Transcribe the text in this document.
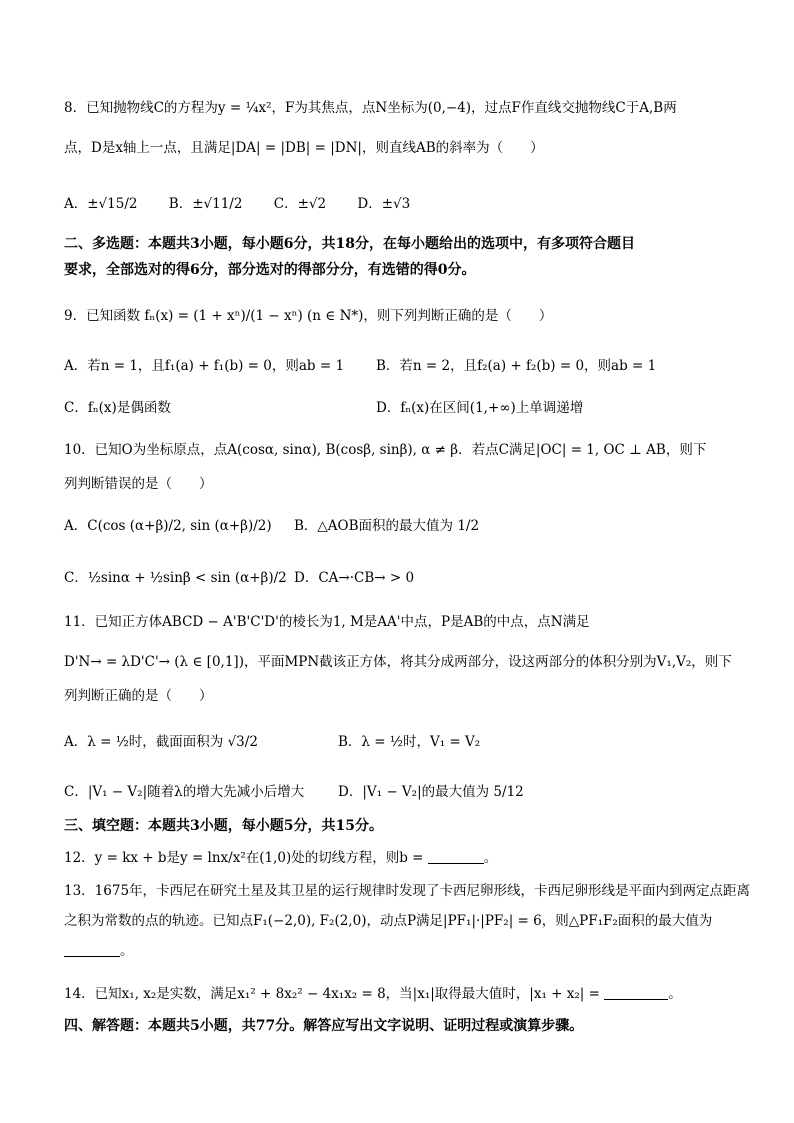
8．已知抛物线C的方程为y = ¼x²，F为其焦点，点N坐标为(0,−4)，过点F作直线交抛物线C于A,B两
点，D是x轴上一点，且满足|DA| = |DB| = |DN|，则直线AB的斜率为（　　）
A．±√15/2   B．±√11/2   C．±√2   D．±√3
二、多选题：本题共3小题，每小题6分，共18分，在每小题给出的选项中，有多项符合题目
要求，全部选对的得6分，部分选对的得部分分，有选错的得0分。
9．已知函数 fₙ(x) = (1 + xⁿ)/(1 − xⁿ) (n ∈ N*)，则下列判断正确的是（　　）
A．若n = 1，且f₁(a) + f₁(b) = 0，则ab = 1 B．若n = 2，且f₂(a) + f₂(b) = 0，则ab = 1
C．fₙ(x)是偶函数	D．fₙ(x)在区间(1,+∞)上单调递增
10．已知O为坐标原点，点A(cosα, sinα), B(cosβ, sinβ), α ≠ β．若点C满足|OC| = 1, OC ⊥ AB，则下
列判断错误的是（　　）
A．C(cos (α+β)/2, sin (α+β)/2) B．△AOB面积的最大值为 1/2
C．½sinα + ½sinβ < sin (α+β)/2 D．CA→·CB→ > 0
11．已知正方体ABCD − A'B'C'D'的棱长为1, M是AA'中点，P是AB的中点，点N满足
D'N→ = λD'C'→ (λ ∈ [0,1])，平面MPN截该正方体，将其分成两部分，设这两部分的体积分别为V₁,V₂，则下
列判断正确的是（　　）
A．λ = ½时，截面面积为 √3/2	B．λ = ½时，V₁ = V₂
C．|V₁ − V₂|随着λ的增大先减小后增大	D．|V₁ − V₂|的最大值为 5/12
三、填空题：本题共3小题，每小题5分，共15分。
12．y = kx + b是y = lnx/x²在(1,0)处的切线方程，则b =	。
13．1675年，卡西尼在研究土星及其卫星的运行规律时发现了卡西尼卵形线，卡西尼卵形线是平面内到两定点距离之积为常数的点的轨迹。已知点F₁(−2,0), F₂(2,0)，动点P满足|PF₁|·|PF₂| = 6，则△PF₁F₂面积的最大值为。
14．已知x₁, x₂是实数，满足x₁² + 8x₂² − 4x₁x₂ = 8，当|x₁|取得最大值时，|x₁ + x₂| =	。
四、解答题：本题共5小题，共77分。解答应写出文字说明、证明过程或演算步骤。
